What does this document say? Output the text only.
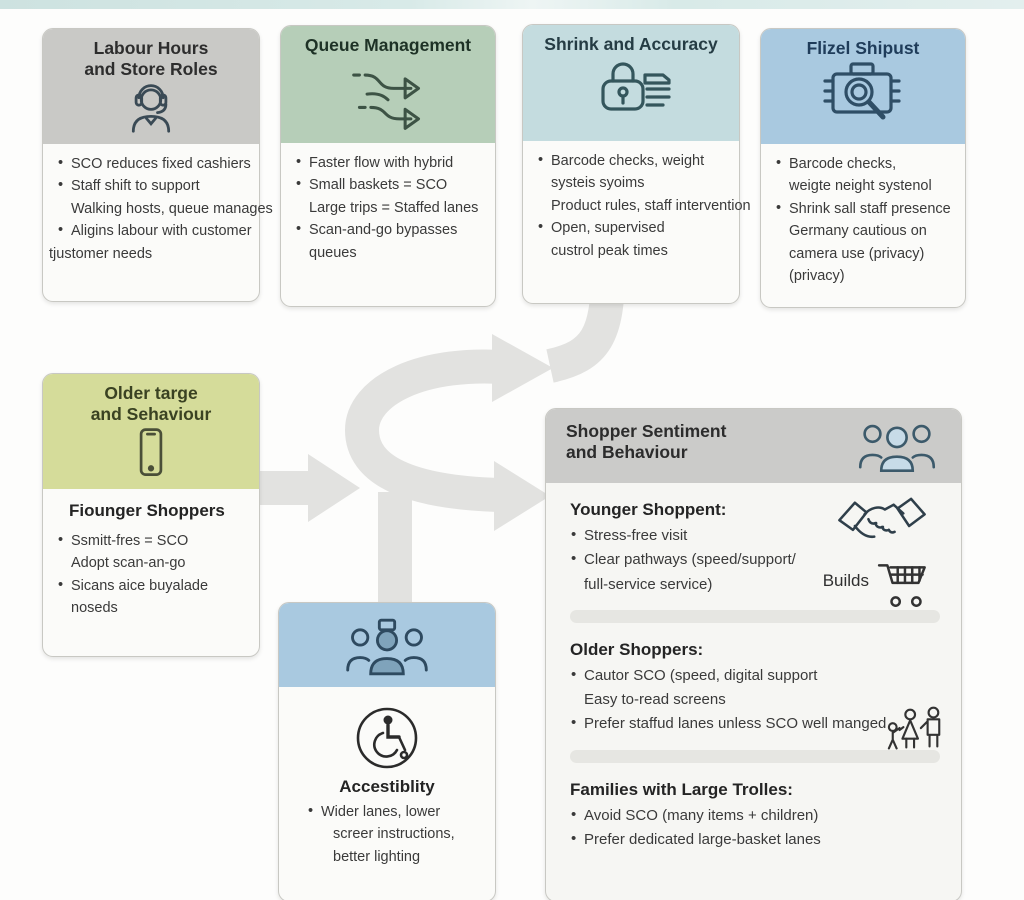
Labour Hours
and Store Roles
• SCO reduces fixed cashiers
• Staff shift to support
Walking hosts, queue manages
• Aligins labour with customer
tjustomer needs
Queue Management
• Faster flow with hybrid
• Small baskets = SCO
Large trips = Staffed lanes
• Scan-and-go bypasses
queues
Shrink and Accuracy
• Barcode checks, weight
systeis syoims
Product rules, staff intervention
• Open, supervised
custrol peak times
Flizel Shipust
• Barcode checks,
weigte neight systenol
• Shrink sall staff presence
Germany cautious on
camera use (privacy)
(privacy)
Older targe
and Sehaviour
Fiounger Shoppers
• Ssmitt-fres = SCO
Adopt scan-an-go
• Sicans aice buyalade
noseds
Accestiblity
• Wider lanes, lower
screer instructions,
better lighting
Shopper Sentiment
and Behaviour
Younger Shoppent:
• Stress-free visit
• Clear pathways (speed/support/
full-service service)
Older Shoppers:
• Cautor SCO (speed, digital support
Easy to-read screens
• Prefer staffud lanes unless SCO well manged
Families with Large Trolles:
• Avoid SCO (many items + children)
• Prefer dedicated large-basket lanes
Builds
